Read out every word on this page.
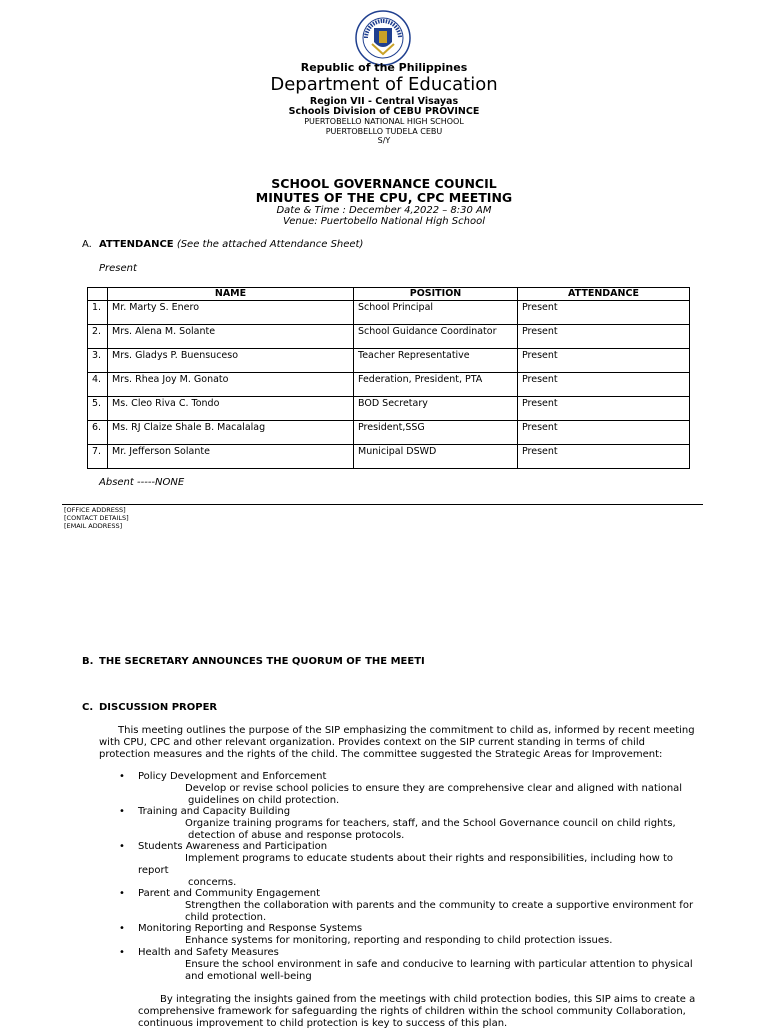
Republic of the Philippines
Department of Education
Region VII - Central Visayas
Schools Division of CEBU PROVINCE
PUERTOBELLO NATIONAL HIGH SCHOOL
PUERTOBELLO TUDELA CEBU
S/Y
SCHOOL GOVERNANCE COUNCIL
MINUTES OF THE CPU, CPC MEETING
Date & Time : December 4,2022 – 8:30 AM
Venue: Puertobello National High School
A. ATTENDANCE (See the attached Attendance Sheet)
Present
	NAME	POSITION	ATTENDANCE
1.	Mr. Marty S. Enero	School Principal	Present
2.	Mrs. Alena M. Solante	School Guidance Coordinator	Present
3.	Mrs. Gladys P. Buensuceso	Teacher Representative	Present
4.	Mrs. Rhea Joy M. Gonato	Federation, President, PTA	Present
5.	Ms. Cleo Riva C. Tondo	BOD Secretary	Present
6.	Ms. RJ Claize Shale B. Macalalag	President,SSG	Present
7.	Mr. Jefferson Solante	Municipal DSWD	Present
Absent -----NONE
[OFFICE ADDRESS]
[CONTACT DETAILS]
[EMAIL ADDRESS]
B. THE SECRETARY ANNOUNCES THE QUORUM OF THE MEETI
C. DISCUSSION PROPER
This meeting outlines the purpose of the SIP emphasizing the commitment to child as, informed by recent meeting
with CPU, CPC and other relevant organization. Provides context on the SIP current standing in terms of child
protection measures and the rights of the child. The committee suggested the Strategic Areas for Improvement:
• Policy Development and Enforcement
Develop or revise school policies to ensure they are comprehensive clear and aligned with national
guidelines on child protection.
• Training and Capacity Building
Organize training programs for teachers, staff, and the School Governance council on child rights,
detection of abuse and response protocols.
• Students Awareness and Participation
Implement programs to educate students about their rights and responsibilities, including how to
report
concerns.
• Parent and Community Engagement
Strengthen the collaboration with parents and the community to create a supportive environment for
child protection.
• Monitoring Reporting and Response Systems
Enhance systems for monitoring, reporting and responding to child protection issues.
• Health and Safety Measures
Ensure the school environment in safe and conducive to learning with particular attention to physical
and emotional well-being
By integrating the insights gained from the meetings with child protection bodies, this SIP aims to create a
comprehensive framework for safeguarding the rights of children within the school community Collaboration,
continuous improvement to child protection is key to success of this plan.
